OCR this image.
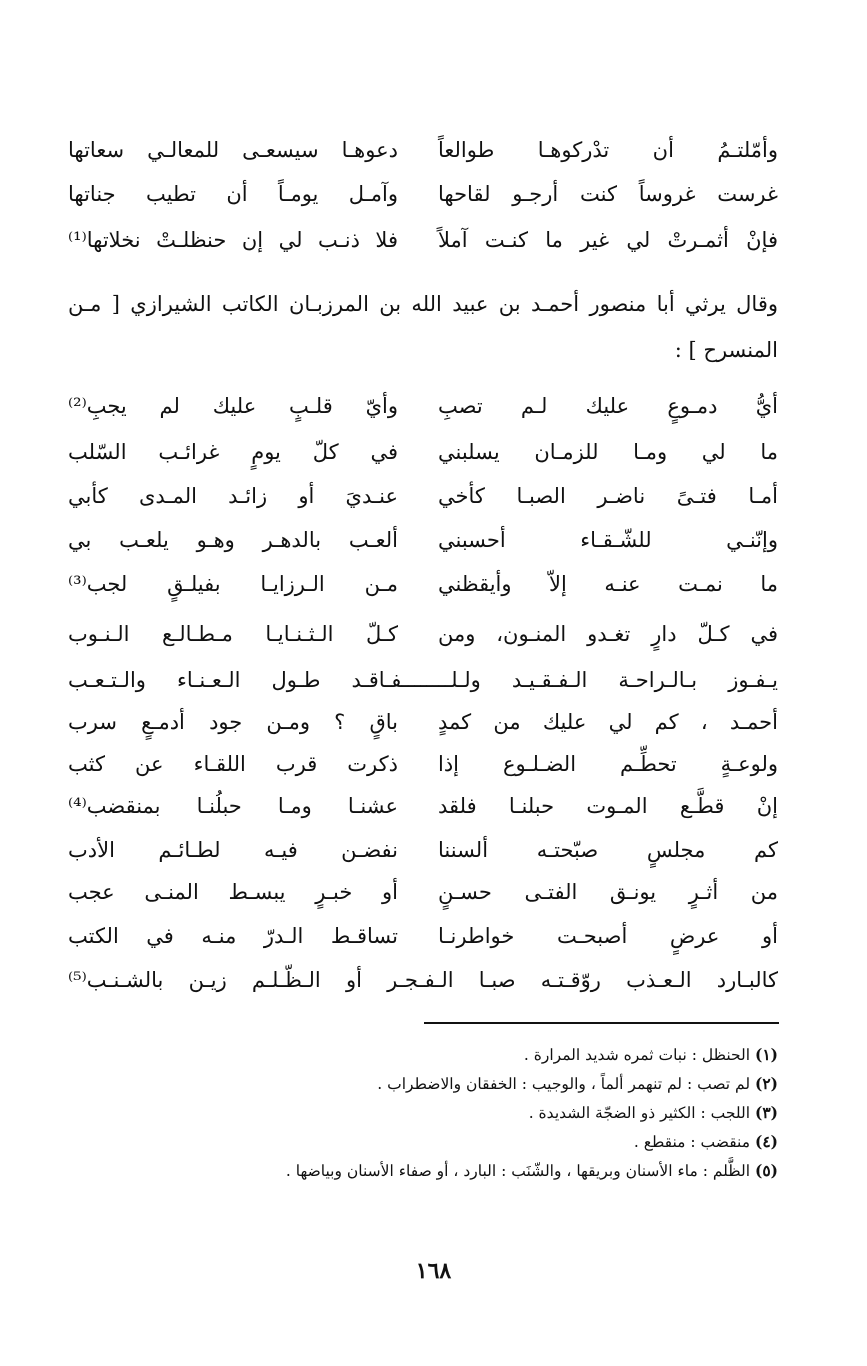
وأمّلتـمُ أن تدْركوهـا طوالعاً
دعوهـا سيسعـى للمعالـي سعاتها
غرست غروساً كنت أرجـو لقاحها
وآمـل يومـاً أن تطيب جناتها
فإنْ أثمـرتْ لي غير ما كنـت آملاً
فلا ذنـب لي إن حنظلـتْ نخلاتها⁽¹⁾
وقال يرثي أبا منصور أحمـد بن عبيد الله بن المرزبـان الكاتب الشيرازي [ مـن
المنسرح ] :
أيُّ دمـوعٍ عليك لـم تصبِ
وأيّ قلـبٍ عليك لم يجبِ⁽²⁾
ما لي ومـا للزمـان يسلبني
في كلّ يومٍ غرائـب السّلب
أمـا فتـىً ناضـر الصبـا كأخي
عنـديَ أو زائـد المـدى كأبي
وإنّنـي للشّـقـاء أحسبني
ألعـب بالدهـر وهـو يلعـب بي
ما نمـت عنـه إلاّ وأيقظني
مـن الـرزايـا بفيلـقٍ لجب⁽³⁾
في كـلّ دارٍ تغـدو المنـون، ومن
كـلّ الـثـنـايـا مـطـالـع الـنـوب
يـفـوز بـالـراحـة الـفـقـيـد ولـلــــــــفـاقـد طـول الـعـنـاء والـتـعـب
أحمـد ، كم لي عليك من كمدٍ
باقٍ ؟ ومـن جود أدمـعٍ سرب
ولوعـةٍ تحطِّـم الضـلـوع إذا
ذكرت قرب اللقـاء عن كثب
إنْ قطَّـع المـوت حبلنـا فلقد
عشنـا ومـا حبلُنـا بمنقضب⁽⁴⁾
كم مجلسٍ صبّحتـه ألسننا
نفضـن فيـه لطـائـم الأدب
من أثـرٍ يونـق الفتـى حسـنٍ
أو خبـرٍ يبسـط المنـى عجب
أو عرضٍ أصبحـت خواطرنـا
تساقـط الـدرّ منـه في الكتب
كالبـارد الـعـذب روّقـتـه صبـا الـفـجـر أو الـظّـلـم زيـن بالشـنـب⁽⁵⁾
(١) الحنظل : نبات ثمره شديد المرارة .
(٢) لم تصب : لم تنهمر ألماً ، والوجيب : الخفقان والاضطراب .
(٣) اللجب : الكثير ذو الضجّة الشديدة .
(٤) منقضب : منقطع .
(٥) الظَّلم : ماء الأسنان وبريقها ، والشّنَب : البارد ، أو صفاء الأسنان وبياضها .
١٦٨
